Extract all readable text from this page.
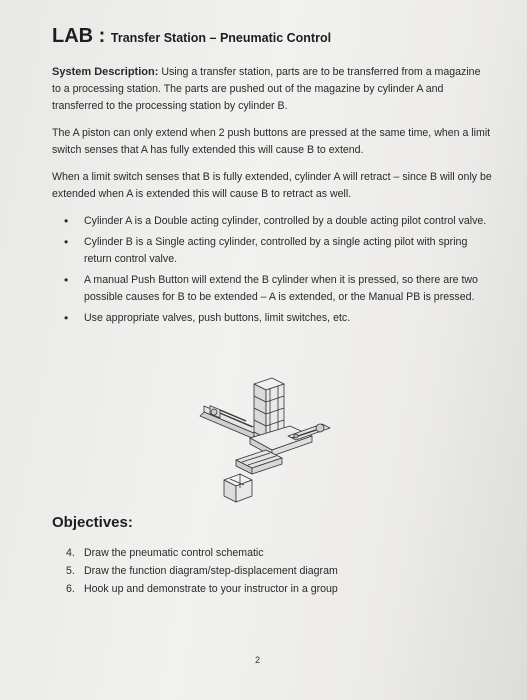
LAB : Transfer Station – Pneumatic Control

System Description: Using a transfer station, parts are to be transferred from a magazine to a processing station. The parts are pushed out of the magazine by cylinder A and transferred to the processing station by cylinder B.

The A piston can only extend when 2 push buttons are pressed at the same time, when a limit switch senses that A has fully extended this will cause B to extend.

When a limit switch senses that B is fully extended, cylinder A will retract – since B will only be extended when A is extended this will cause B to retract as well.

• Cylinder A is a Double acting cylinder, controlled by a double acting pilot control valve.
• Cylinder B is a Single acting cylinder, controlled by a single acting pilot with spring return control valve.
• A manual Push Button will extend the B cylinder when it is pressed, so there are two possible causes for B to be extended – A is extended, or the Manual PB is pressed.
• Use appropriate valves, push buttons, limit switches, etc.
Objectives:
4. Draw the pneumatic control schematic
5. Draw the function diagram/step-displacement diagram
6. Hook up and demonstrate to your instructor in a group
2
